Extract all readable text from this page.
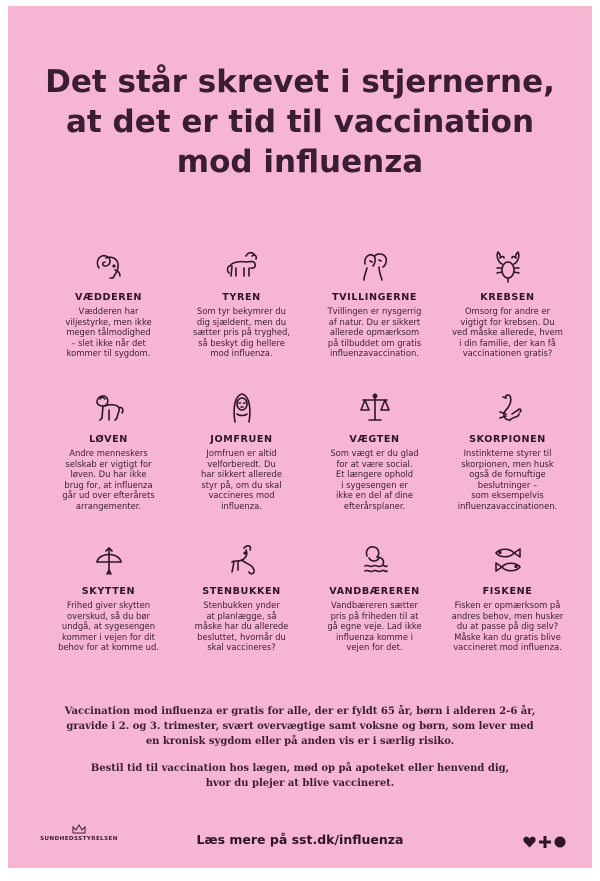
Det står skrevet i stjernerne,
at det er tid til vaccination
mod influenza
VÆDDEREN
Vædderen har
viljestyrke, men ikke
megen tålmodighed
– slet ikke når det
kommer til sygdom.
TYREN
Som tyr bekymrer du
dig sjældent, men du
sætter pris på tryghed,
så beskyt dig hellere
mod influenza.
TVILLINGERNE
Tvillingen er nysgerrig
af natur. Du er sikkert
allerede opmærksom
på tilbuddet om gratis
influenzavaccination.
KREBSEN
Omsorg for andre er
vigtigt for krebsen. Du
ved måske allerede, hvem
i din familie, der kan få
vaccinationen gratis?
LØVEN
Andre menneskers
selskab er vigtigt for
løven. Du har ikke
brug for, at influenza
går ud over efterårets
arrangementer.
JOMFRUEN
Jomfruen er altid
velforberedt. Du
har sikkert allerede
styr på, om du skal
vaccineres mod
influenza.
VÆGTEN
Som vægt er du glad
for at være social.
Et længere ophold
i sygesengen er
ikke en del af dine
efterårsplaner.
SKORPIONEN
Instinkterne styrer til
skorpionen, men husk
også de fornuftige
beslutninger –
som eksempelvis
influenzavaccinationen.
SKYTTEN
Frihed giver skytten
overskud, så du bør
undgå, at sygesengen
kommer i vejen for dit
behov for at komme ud.
STENBUKKEN
Stenbukken ynder
at planlægge, så
måske har du allerede
besluttet, hvornår du
skal vaccineres?
VANDBÆREREN
Vandbæreren sætter
pris på friheden til at
gå egne veje. Lad ikke
influenza komme i
vejen for det.
FISKENE
Fisken er opmærksom på
andres behov, men husker
du at passe på dig selv?
Måske kan du gratis blive
vaccineret mod influenza.

Vaccination mod influenza er gratis for alle, der er fyldt 65 år, børn i alderen 2-6 år,
gravide i 2. og 3. trimester, svært overvægtige samt voksne og børn, som lever med
en kronisk sygdom eller på anden vis er i særlig risiko.

Bestil tid til vaccination hos lægen, mød op på apoteket eller henvend dig,
hvor du plejer at blive vaccineret.

SUNDHEDSSTYRELSEN	Læs mere på sst.dk/influenza
